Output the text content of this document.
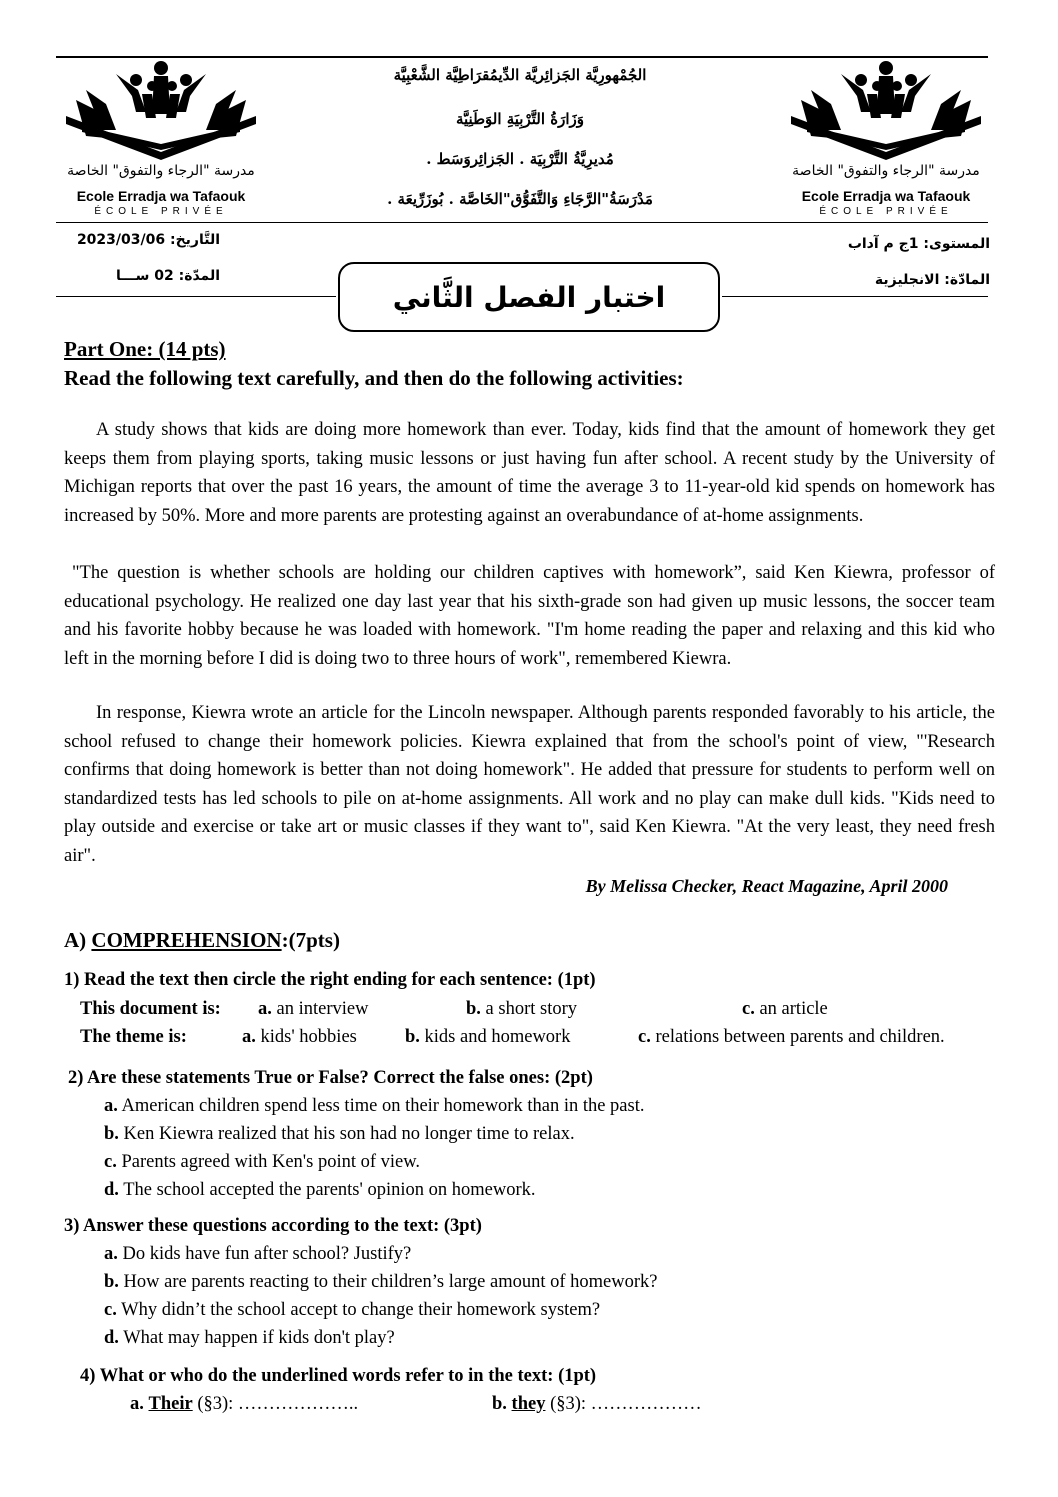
مدرسة "الرجاء والتفوق" الخاصة
Ecole Erradja wa Tafaouk
ÉCOLE PRIVÉE
مدرسة "الرجاء والتفوق" الخاصة
Ecole Erradja wa Tafaouk
ÉCOLE PRIVÉE
الجُمْهورِيَّة الجَزائِريَّة الدِّيمُقرَاطِيَّة الشَّعْبِيَّة
وَزَارَةُ التَّرْبِيَةِ الوَطَنِيَّة
مُديرِيَّةُ التَّرْبِيَة . الجَزائِروَسَط .
مَدْرَسَةُ"الرَّجَاءِ وَالتَّفَوُّق"الخَاصَّة . بُوزَرِّيعَة .
التَّاريخ: 2023/03/06
المدّة: 02 ســـا
المستوى: 1ج م آداب
المادّة: الانجليزية
اختبار الفصل الثَّاني
Part One: (14 pts)
Read the following text carefully, and then do the following activities:

A study shows that kids are doing more homework than ever. Today, kids find that the amount of homework they get keeps them from playing sports, taking music lessons or just having fun after school. A recent study by the University of Michigan reports that over the past 16 years, the amount of time the average 3 to 11-year-old kid spends on homework has increased by 50%. More and more parents are protesting against an overabundance of at-home assignments.

"The question is whether schools are holding our children captives with homework”, said Ken Kiewra, professor of educational psychology. He realized one day last year that his sixth-grade son had given up music lessons, the soccer team and his favorite hobby because he was loaded with homework. "I'm home reading the paper and relaxing and this kid who left in the morning before I did is doing two to three hours of work", remembered Kiewra.

In response, Kiewra wrote an article for the Lincoln newspaper. Although parents responded favorably to his article, the school refused to change their homework policies. Kiewra explained that from the school's point of view, "'Research confirms that doing homework is better than not doing homework". He added that pressure for students to perform well on standardized tests has led schools to pile on at-home assignments. All work and no play can make dull kids. "Kids need to play outside and exercise or take art or music classes if they want to", said Ken Kiewra. "At the very least, they need fresh air".

By Melissa Checker, React Magazine, April 2000
A) COMPREHENSION:(7pts)
1) Read the text then circle the right ending for each sentence: (1pt)
This document is: a. an interview	b. a short story	c. an article
The theme is:	a. kids' hobbies	b. kids and homework	c. relations between parents and children.
2) Are these statements True or False? Correct the false ones: (2pt)
a. American children spend less time on their homework than in the past.
b. Ken Kiewra realized that his son had no longer time to relax.
c. Parents agreed with Ken's point of view.
d. The school accepted the parents' opinion on homework.
3) Answer these questions according to the text: (3pt)
a. Do kids have fun after school? Justify?
b. How are parents reacting to their children’s large amount of homework?
c. Why didn’t the school accept to change their homework system?
d. What may happen if kids don't play?
4) What or who do the underlined words refer to in the text: (1pt)
a. Their (§3): ………………..	b. they (§3): ………………
